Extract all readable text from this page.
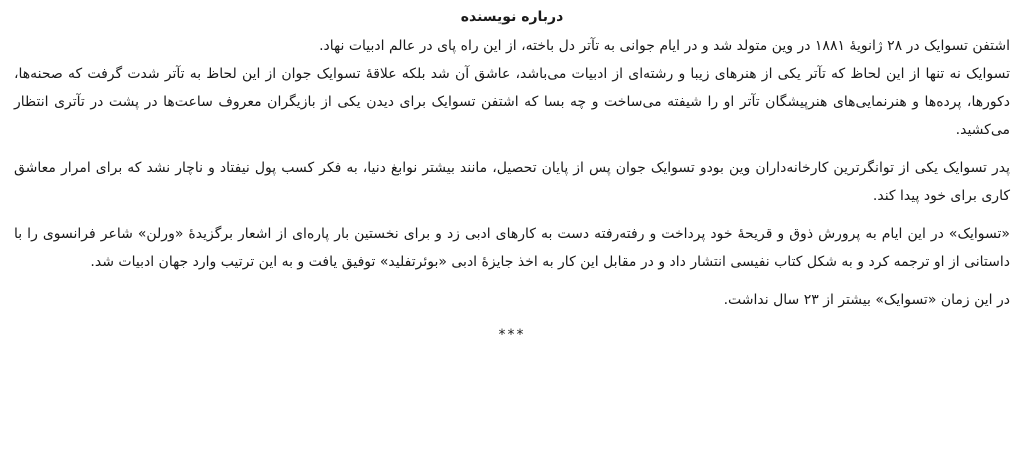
درباره نویسنده

اشتفن تسوایک در ۲۸ ژانویهٔ ۱۸۸۱ در وین متولد شد و در ایام جوانی به تآتر دل باخته، از این راه پای در عالم ادبیات نهاد.

تسوایک نه تنها از این لحاظ که تآتر یکی از هنرهای زیبا و رشته‌ای از ادبیات می‌باشد، عاشق آن شد بلکه علاقهٔ تسوایک جوان از این لحاظ به تآتر شدت گرفت که صحنه‌ها، دکورها، پرده‌ها و هنرنمایی‌های هنرپیشگان تآتر او را شیفته می‌ساخت و چه بسا که اشتفن تسوایک برای دیدن یکی از بازیگران معروف ساعت‌ها در پشت در تآتری انتظار می‌کشید.

پدر تسوایک یکی از توانگرترین کارخانه‌داران وین بودو تسوایک جوان پس از پایان تحصیل، مانند بیشتر نوابغ دنیا، به فکر کسب پول نیفتاد و ناچار نشد که برای امرار معاشق کاری برای خود پیدا کند.

«تسوایک» در این ایام به پرورش ذوق و قریحهٔ خود پرداخت و رفته‌رفته دست به کارهای ادبی زد و برای نخستین بار پاره‌ای از اشعار برگزیدهٔ «ورلن» شاعر فرانسوی را با داستانی از او ترجمه کرد و به شکل کتاب نفیسی انتشار داد و در مقابل این کار به اخذ جایزهٔ ادبی «بوئرتفلید» توفیق یافت و به این ترتیب وارد جهان ادبیات شد.

در این زمان «تسوایک» بیشتر از ۲۳ سال نداشت.

***
